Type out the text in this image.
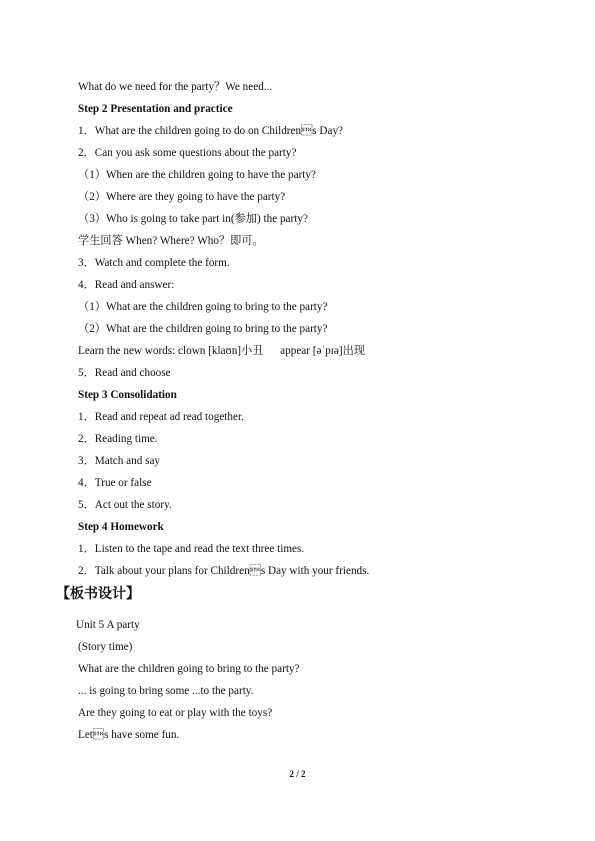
What do we need for the party？We need...
Step 2 Presentation and practice
1．What are the children going to do on Childrens Day?
2．Can you ask some questions about the party?
（1）When are the children going to have the party?
（2）Where are they going to have the party?
（3）Who is going to take part in(参加) the party?
学生回答 When? Where? Who？即可。
3．Watch and complete the form.
4．Read and answer:
（1）What are the children going to bring to the party?
（2）What are the children going to bring to the party?
Learn the new words: clown [klaʊn]小丑      appear [əˈpɪə]出现
5．Read and choose
Step 3 Consolidation
1．Read and repeat ad read together.
2．Reading time.
3．Match and say
4．True or false
5．Act out the story.
Step 4 Homework
1．Listen to the tape and read the text three times.
2．Talk about your plans for Childrens Day with your friends.
【板书设计】
Unit 5 A party
(Story time)
What are the children going to bring to the party?
... is going to bring some ...to the party.
Are they going to eat or play with the toys?
Lets have some fun.
2 / 2
